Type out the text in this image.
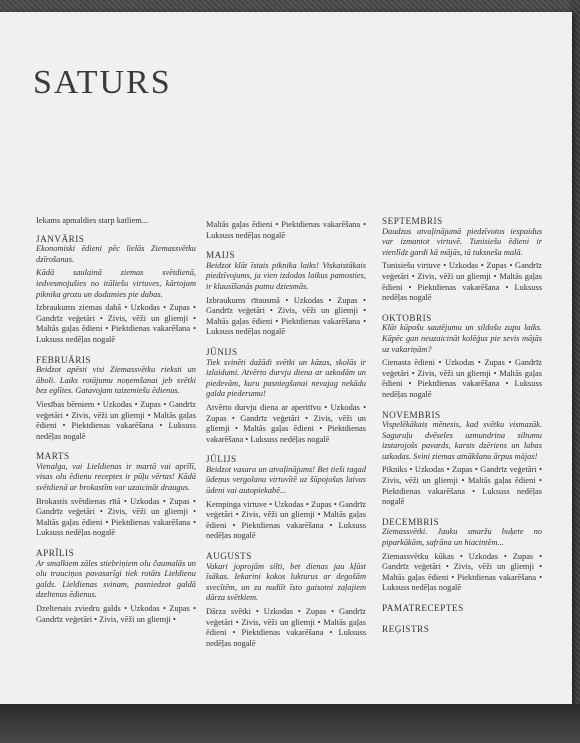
SATURS

Iekams apmaldies starp katliem...

JANVĀRIS

Ekonomiski ēdieni pēc lielās Ziemassvētku dzīrošanas.

Kādā saulainā ziemas svētdienā, iedvesmojušies no itāliešu virtuves, kārtojam piknika grozu un dodamies pie dabas.

Izbraukums ziemas dabā • Uzkodas • Zupas • Gandrīz veģetāri • Zivis, vēži un gliemji • Maltās gaļas ēdieni • Piektdienas vakarēšana • Luksuss nedēļas nogalē

FEBRUĀRIS

Beidzot apēsti visi Ziemassvētku rieksti un āboli. Laiks rotājumu noņemšanai jeb svētki bez eglītes. Gatavojam taizemiešu ēdienus.

Viesības bērniem • Uzkodas • Zupas • Gandrīz veģetāri • Zivis, vēži un gliemji • Maltās gaļas ēdieni • Piektdienas vakarēšana • Luksuss nedēļas nogalē

MARTS

Vienalga, vai Lieldienas ir martā vai aprīlī, visas olu ēdienu receptes ir pūļu vērtas! Kādā svētdienā ar brokastīm var uzaicināt draugus.

Brokastis svētdienas rītā • Uzkodas • Zupas • Gandrīz veģetāri • Zivis, vēži un gliemji • Maltās gaļas ēdieni • Piektdienas vakarēšana • Luksuss nedēļas nogalē

APRĪLIS

Ar smalkiem zāles stiebriņiem olu čaumalās un olu trauciņos pavasarīgi tiek rotāts Lieldienu galds. Lieldienas svinam, pasniedzot galdā dzeltenus ēdienus.

Dzeltenais zviedru galds • Uzkodas • Zupas • Gandrīz veģetāri • Zivis, vēži un gliemji •

Maltās gaļas ēdieni • Piektdienas vakarēšana • Luksuss nedēļas nogalē

MAIJS

Beidzot klāt īstais piknika laiks! Viskaistākais piedzīvojums, ja vien izdodas laikus pamosties, ir klausīšanās putnu dziesmās.

Izbraukums rītausmā • Uzkodas • Zupas • Gandrīz veģetāri • Zivis, vēži un gliemji • Maltās gaļas ēdieni • Piektdienas vakarēšana • Luksuss nedēļas nogalē

JŪNIJS

Tiek svinēti dažādi svētki un kāzas, skolās ir izlaidumi. Atvērto durvju diena ar uzkodām un piedevām, kuru pasniegšanai nevajag nekādu galda piederumu!

Atvērto durvju diena ar aperitīvu • Uzkodas • Zupas • Gandrīz veģetāri • Zivis, vēži un gliemji • Maltās gaļas ēdieni • Piektdienas vakarēšana • Luksuss nedēļas nogalē

JŪLIJS

Beidzot vasara un atvaļinājums! Bet tieši tagad ūdeņus vergolana virtuvītē uz šūpojošas laivas ūdeni vai autopiekabē...

Kempinga virtuve • Uzkodas • Zupas • Gandrīz veģetāri • Zivis, vēži un gliemji • Maltās gaļas ēdieni • Piektdienas vakarēšana • Luksuss nedēļas nogalē

AUGUSTS

Vakari joprojām silti, bet dienas jau kļūst īsākas. Iekarini kokos lukturus ar degošām svecītēm, un zu nudiīt īsto gaisotni zaļajiem dārza svētkiem.

Dārza svētki • Uzkodas • Zupas • Gandrīz veģetāri • Zivis, vēži un gliemji • Maltās gaļas ēdieni • Piektdienas vakarēšana • Luksuss nedēļas nogalē

SEPTEMBRIS

Daudzus atvaļinājumā piedzīvotos iespaidus var izmantot virtuvē. Tunisiešu ēdieni ir vienlīdz gardi kā mājās, tā tuksneša malā.

Tunisiešu virtuve • Uzkodas • Zupas • Gandrīz veģetāri • Zivis, vēži un gliemji • Maltās gaļas ēdieni • Piektdienas vakarēšana • Luksuss nedēļas nogalē

OKTOBRIS

Klāt kūpošu sautējumu un sildošu zupu laiks. Kāpēc gan neuzaicināt kolēģus pie sevis mājās uz vakariņām?

Cienasta ēdieni • Uzkodas • Zupas • Gandrīz veģetāri • Zivis, vēži un gliemji • Maltās gaļas ēdieni • Piektdienas vakarēšana • Luksuss nedēļas nogalē

NOVEMBRIS

Vispelēkākais mēnesis, kad svētku vismazāk. Saguruļu dvēseles uzmundrina siltumu izstarojošs pavards, karsts dzēriens un labas uzkodas. Svini ziemas atnākšanu ārpus mājas!

Pikniks • Uzkodas • Zupas • Gandrīz veģetāri • Zivis, vēži un gliemji • Maltās gaļas ēdieni • Piektdienas vakarēšana • Luksuss nedēļas nogalē

DECEMBRIS

Ziemassvētki. Jauku smaržu buķete no piparkūkām, safrāna un hiacintēm...

Ziemassvētku kūkas • Uzkodas • Zupas • Gandrīz veģetāri • Zivis, vēži un gliemji • Maltās gaļas ēdieni • Piektdienas vakarēšana • Luksuss nedēļas nogalē

PAMATRECEPTES

REĢISTRS
